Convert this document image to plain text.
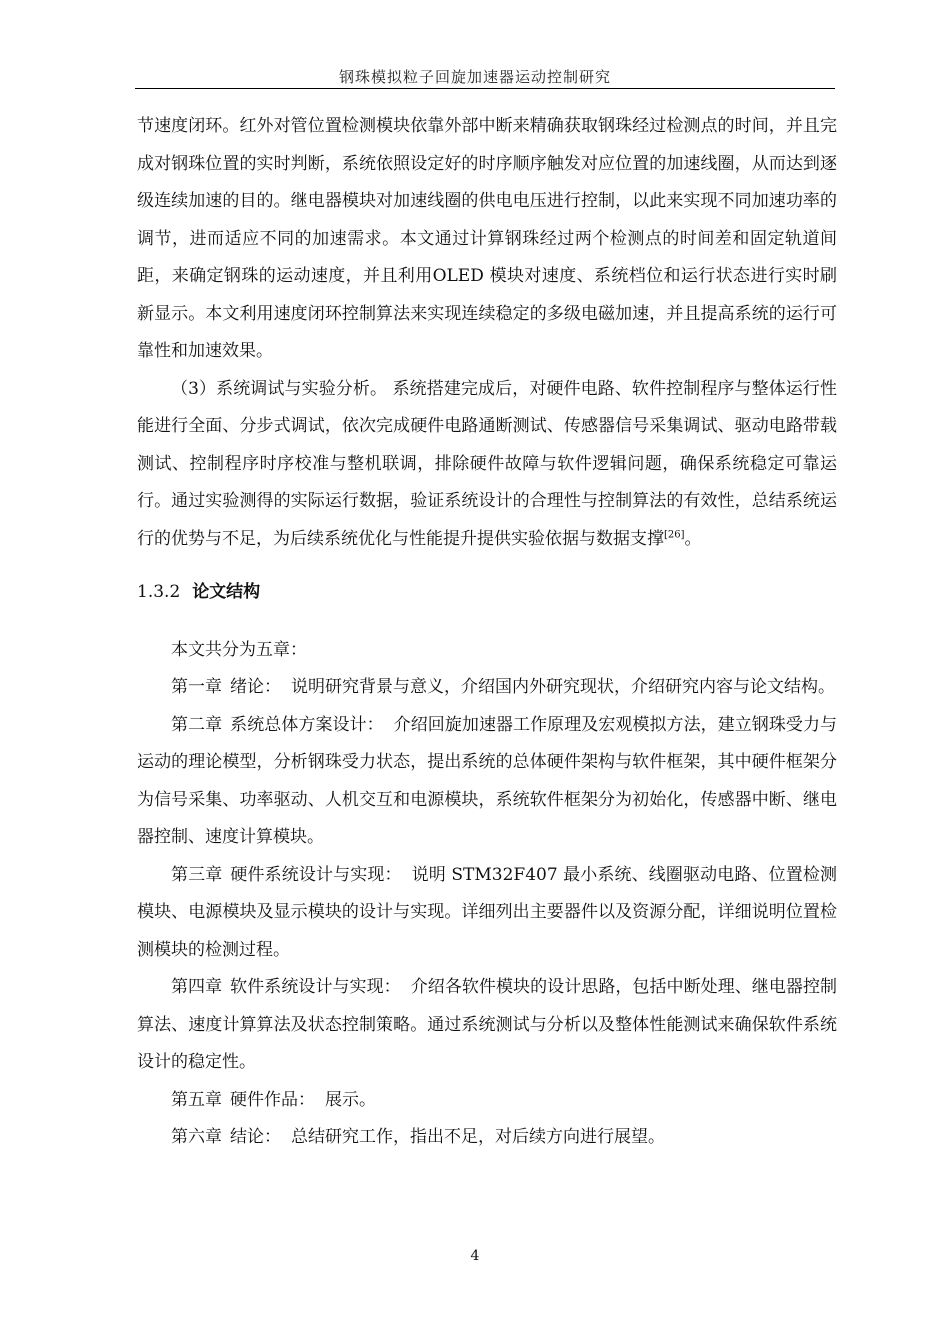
钢珠模拟粒子回旋加速器运动控制研究

节速度闭环。红外对管位置检测模块依靠外部中断来精确获取钢珠经过检测点的时间，并且完成对钢珠位置的实时判断，系统依照设定好的时序顺序触发对应位置的加速线圈，从而达到逐级连续加速的目的。继电器模块对加速线圈的供电电压进行控制，以此来实现不同加速功率的调节，进而适应不同的加速需求。本文通过计算钢珠经过两个检测点的时间差和固定轨道间距，来确定钢珠的运动速度，并且利用OLED 模块对速度、系统档位和运行状态进行实时刷新显示。本文利用速度闭环控制算法来实现连续稳定的多级电磁加速，并且提高系统的运行可靠性和加速效果。

（3）系统调试与实验分析。 系统搭建完成后，对硬件电路、软件控制程序与整体运行性能进行全面、分步式调试，依次完成硬件电路通断测试、传感器信号采集调试、驱动电路带载测试、控制程序时序校准与整机联调，排除硬件故障与软件逻辑问题，确保系统稳定可靠运行。通过实验测得的实际运行数据，验证系统设计的合理性与控制算法的有效性，总结系统运行的优势与不足，为后续系统优化与性能提升提供实验依据与数据支撑[26]。

1.3.2 论文结构

本文共分为五章：

第一章 绪论： 说明研究背景与意义，介绍国内外研究现状，介绍研究内容与论文结构。

第二章 系统总体方案设计： 介绍回旋加速器工作原理及宏观模拟方法，建立钢珠受力与运动的理论模型，分析钢珠受力状态，提出系统的总体硬件架构与软件框架，其中硬件框架分为信号采集、功率驱动、人机交互和电源模块，系统软件框架分为初始化，传感器中断、继电器控制、速度计算模块。

第三章 硬件系统设计与实现： 说明 STM32F407 最小系统、线圈驱动电路、位置检测模块、电源模块及显示模块的设计与实现。详细列出主要器件以及资源分配，详细说明位置检测模块的检测过程。

第四章 软件系统设计与实现： 介绍各软件模块的设计思路，包括中断处理、继电器控制算法、速度计算算法及状态控制策略。通过系统测试与分析以及整体性能测试来确保软件系统设计的稳定性。

第五章 硬件作品： 展示。

第六章 结论： 总结研究工作，指出不足，对后续方向进行展望。

4
